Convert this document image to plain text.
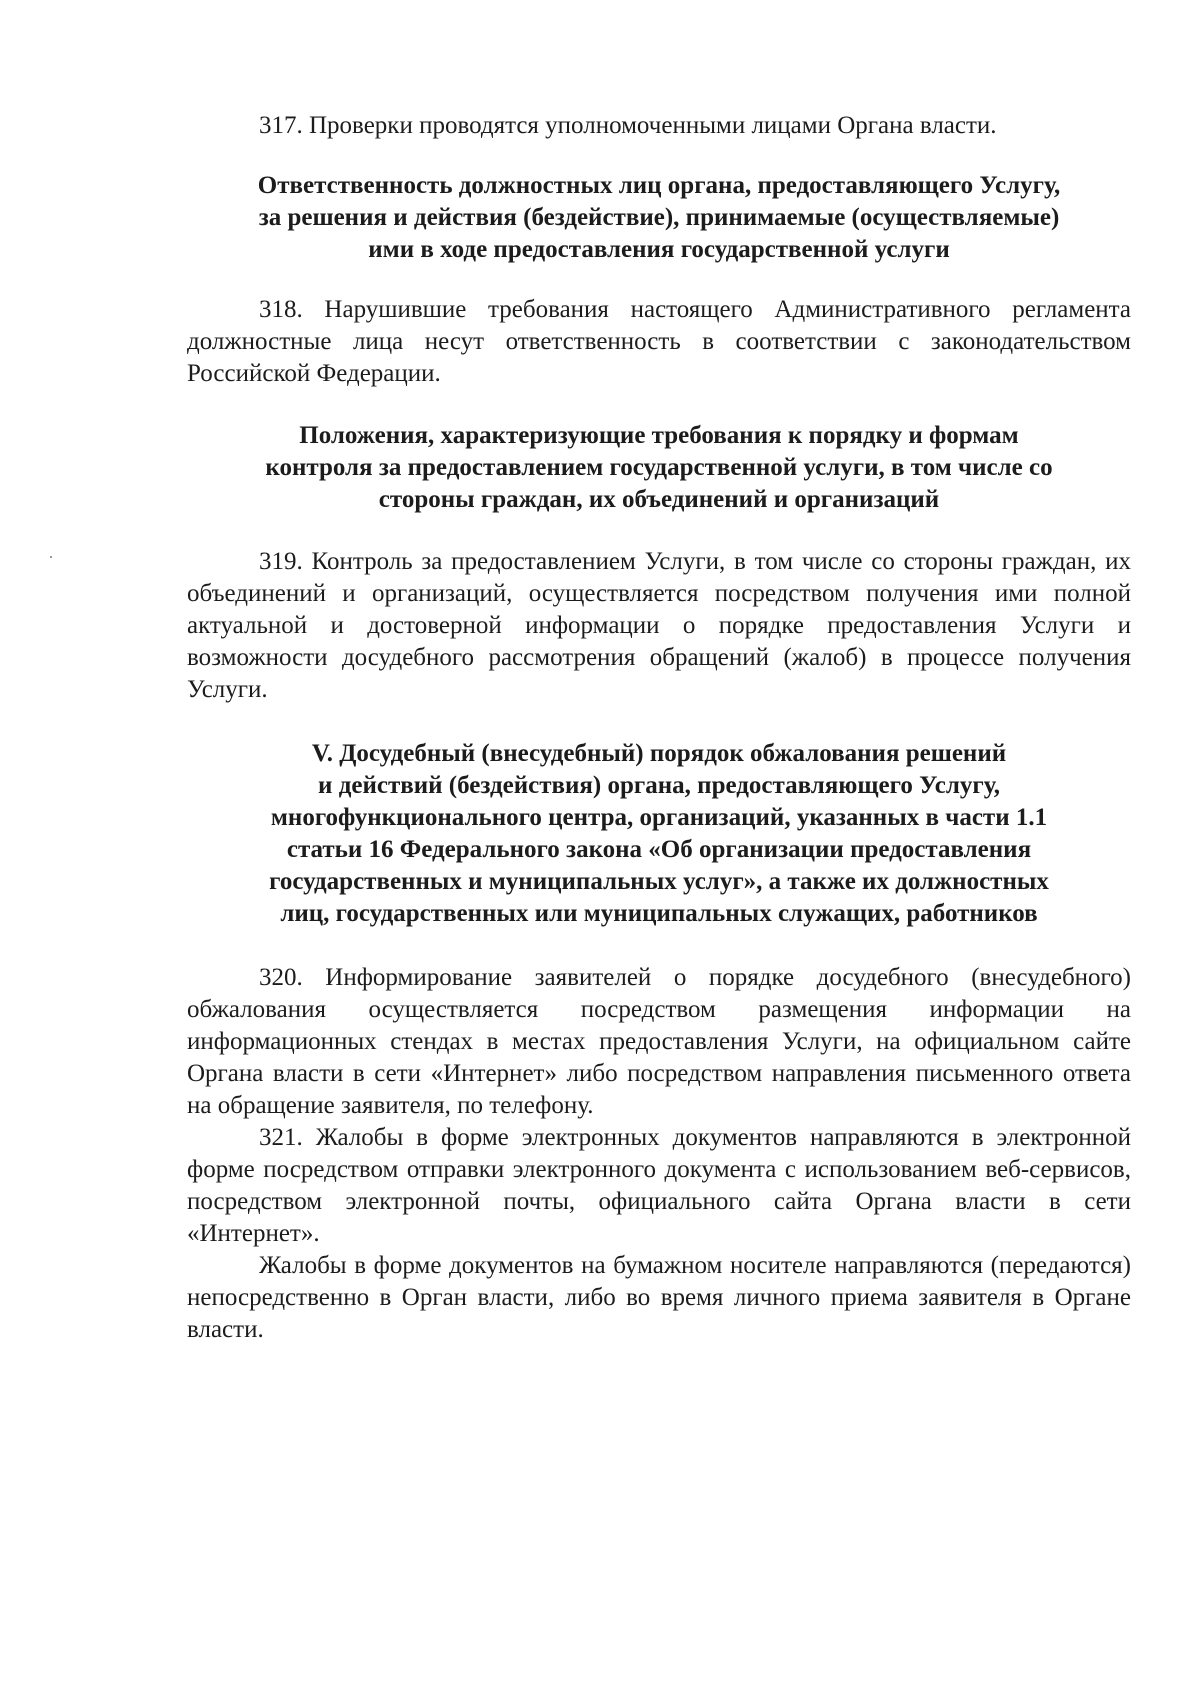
317. Проверки проводятся уполномоченными лицами Органа власти.

Ответственность должностных лиц органа, предоставляющего Услугу,
за решения и действия (бездействие), принимаемые (осуществляемые)
ими в ходе предоставления государственной услуги

318. Нарушившие требования настоящего Административного регламента должностные лица несут ответственность в соответствии с законодательством Российской Федерации.

Положения, характеризующие требования к порядку и формам
контроля за предоставлением государственной услуги, в том числе со
стороны граждан, их объединений и организаций

319. Контроль за предоставлением Услуги, в том числе со стороны граждан, их объединений и организаций, осуществляется посредством получения ими полной актуальной и достоверной информации о порядке предоставления Услуги и возможности досудебного рассмотрения обращений (жалоб) в процессе получения Услуги.

V. Досудебный (внесудебный) порядок обжалования решений
и действий (бездействия) органа, предоставляющего Услугу,
многофункционального центра, организаций, указанных в части 1.1
статьи 16 Федерального закона «Об организации предоставления
государственных и муниципальных услуг», а также их должностных
лиц, государственных или муниципальных служащих, работников

320. Информирование заявителей о порядке досудебного (внесудебного) обжалования осуществляется посредством размещения информации на информационных стендах в местах предоставления Услуги, на официальном сайте Органа власти в сети «Интернет» либо посредством направления письменного ответа на обращение заявителя, по телефону.

321. Жалобы в форме электронных документов направляются в электронной форме посредством отправки электронного документа с использованием веб-сервисов, посредством электронной почты, официального сайта Органа власти в сети «Интернет».

Жалобы в форме документов на бумажном носителе направляются (передаются) непосредственно в Орган власти, либо во время личного приема заявителя в Органе власти.
